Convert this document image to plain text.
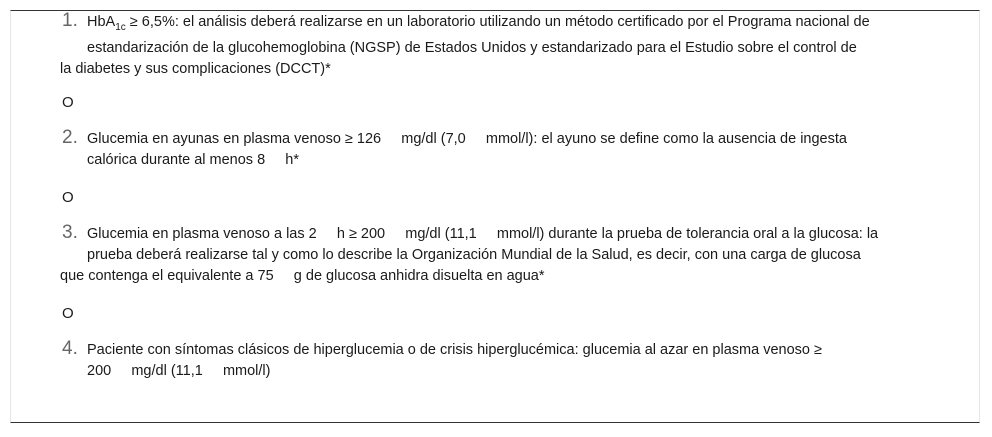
1. HbA$_{1c}$ ≥ 6,5%: el análisis deberá realizarse en un laboratorio utilizando un método certificado por el Programa nacional de
estandarización de la glucohemoglobina (NGSP) de Estados Unidos y estandarizado para el Estudio sobre el control de
la diabetes y sus complicaciones (DCCT)*
O
2. Glucemia en ayunas en plasma venoso ≥ 126     mg/dl (7,0     mmol/l): el ayuno se define como la ausencia de ingesta
calórica durante al menos 8     h*
O
3. Glucemia en plasma venoso a las 2     h ≥ 200     mg/dl (11,1     mmol/l) durante la prueba de tolerancia oral a la glucosa: la
prueba deberá realizarse tal y como lo describe la Organización Mundial de la Salud, es decir, con una carga de glucosa
que contenga el equivalente a 75     g de glucosa anhidra disuelta en agua*
O
4. Paciente con síntomas clásicos de hiperglucemia o de crisis hiperglucémica: glucemia al azar en plasma venoso ≥
200     mg/dl (11,1     mmol/l)
